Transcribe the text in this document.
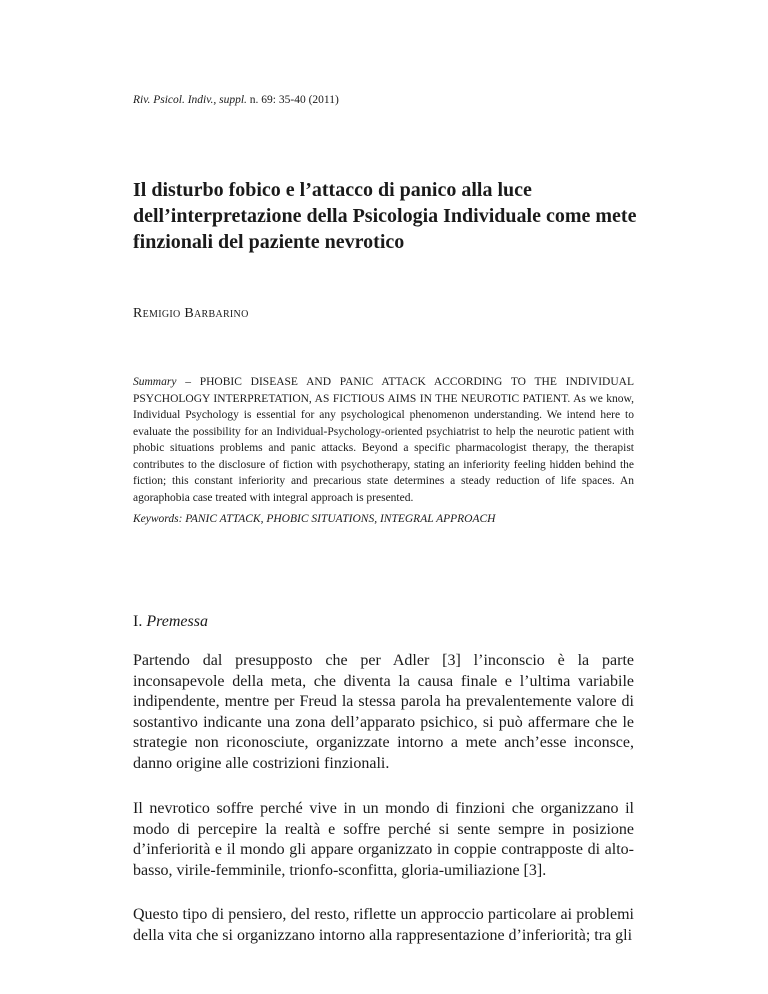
Riv. Psicol. Indiv., suppl. n. 69: 35-40 (2011)
Il disturbo fobico e l’attacco di panico alla luce dell’interpretazione della Psicologia Individuale come mete finzionali del paziente nevrotico
Remigio Barbarino

Summary – PHOBIC DISEASE AND PANIC ATTACK ACCORDING TO THE INDIVIDUAL PSYCHOLOGY INTERPRETATION, AS FICTIOUS AIMS IN THE NEUROTIC PATIENT. As we know, Individual Psychology is essential for any psychological phenomenon understanding. We intend here to evaluate the possibility for an Individual-Psychology-oriented psychiatrist to help the neurotic patient with phobic situations problems and panic attacks. Beyond a specific pharmacologist therapy, the therapist contributes to the disclosure of fiction with psychotherapy, stating an inferiority feeling hidden behind the fiction; this constant inferiority and precarious state determines a steady reduction of life spaces. An agoraphobia case treated with integral approach is presented.

Keywords: PANIC ATTACK, PHOBIC SITUATIONS, INTEGRAL APPROACH
I. Premessa

Partendo dal presupposto che per Adler [3] l’inconscio è la parte inconsapevole della meta, che diventa la causa finale e l’ultima variabile indipendente, mentre per Freud la stessa parola ha prevalentemente valore di sostantivo indicante una zona dell’apparato psichico, si può affermare che le strategie non riconosciute, organizzate intorno a mete anch’esse inconsce, danno origine alle costrizioni finzionali.

Il nevrotico soffre perché vive in un mondo di finzioni che organizzano il modo di percepire la realtà e soffre perché si sente sempre in posizione d’inferiorità e il mondo gli appare organizzato in coppie contrapposte di alto-basso, virile-femminile, trionfo-sconfitta, gloria-umiliazione [3].

Questo tipo di pensiero, del resto, riflette un approccio particolare ai problemi della vita che si organizzano intorno alla rappresentazione d’inferiorità; tra gli
